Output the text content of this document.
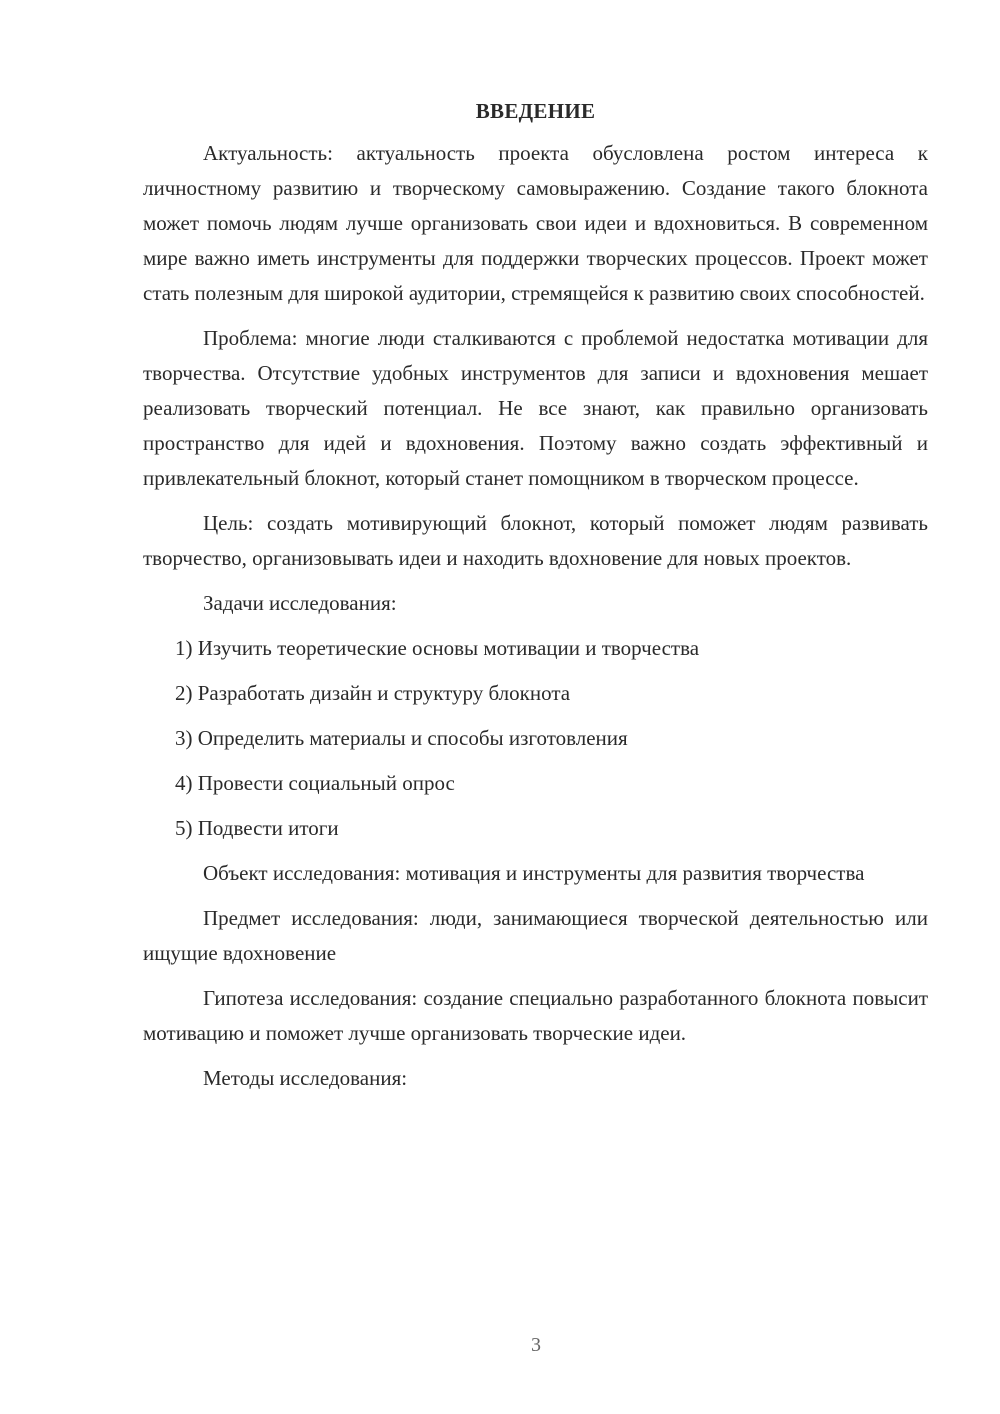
ВВЕДЕНИЕ

Актуальность: актуальность проекта обусловлена ростом интереса к личностному развитию и творческому самовыражению. Создание такого блокнота может помочь людям лучше организовать свои идеи и вдохновиться. В современном мире важно иметь инструменты для поддержки творческих процессов. Проект может стать полезным для широкой аудитории, стремящейся к развитию своих способностей.

Проблема: многие люди сталкиваются с проблемой недостатка мотивации для творчества. Отсутствие удобных инструментов для записи и вдохновения мешает реализовать творческий потенциал. Не все знают, как правильно организовать пространство для идей и вдохновения. Поэтому важно создать эффективный и привлекательный блокнот, который станет помощником в творческом процессе.

Цель: создать мотивирующий блокнот, который поможет людям развивать творчество, организовывать идеи и находить вдохновение для новых проектов.

Задачи исследования:

1) Изучить теоретические основы мотивации и творчества
2) Разработать дизайн и структуру блокнота
3) Определить материалы и способы изготовления
4) Провести социальный опрос
5) Подвести итоги

Объект исследования: мотивация и инструменты для развития творчества

Предмет исследования: люди, занимающиеся творческой деятельностью или ищущие вдохновение

Гипотеза исследования: создание специально разработанного блокнота повысит мотивацию и поможет лучше организовать творческие идеи.

Методы исследования:

3
